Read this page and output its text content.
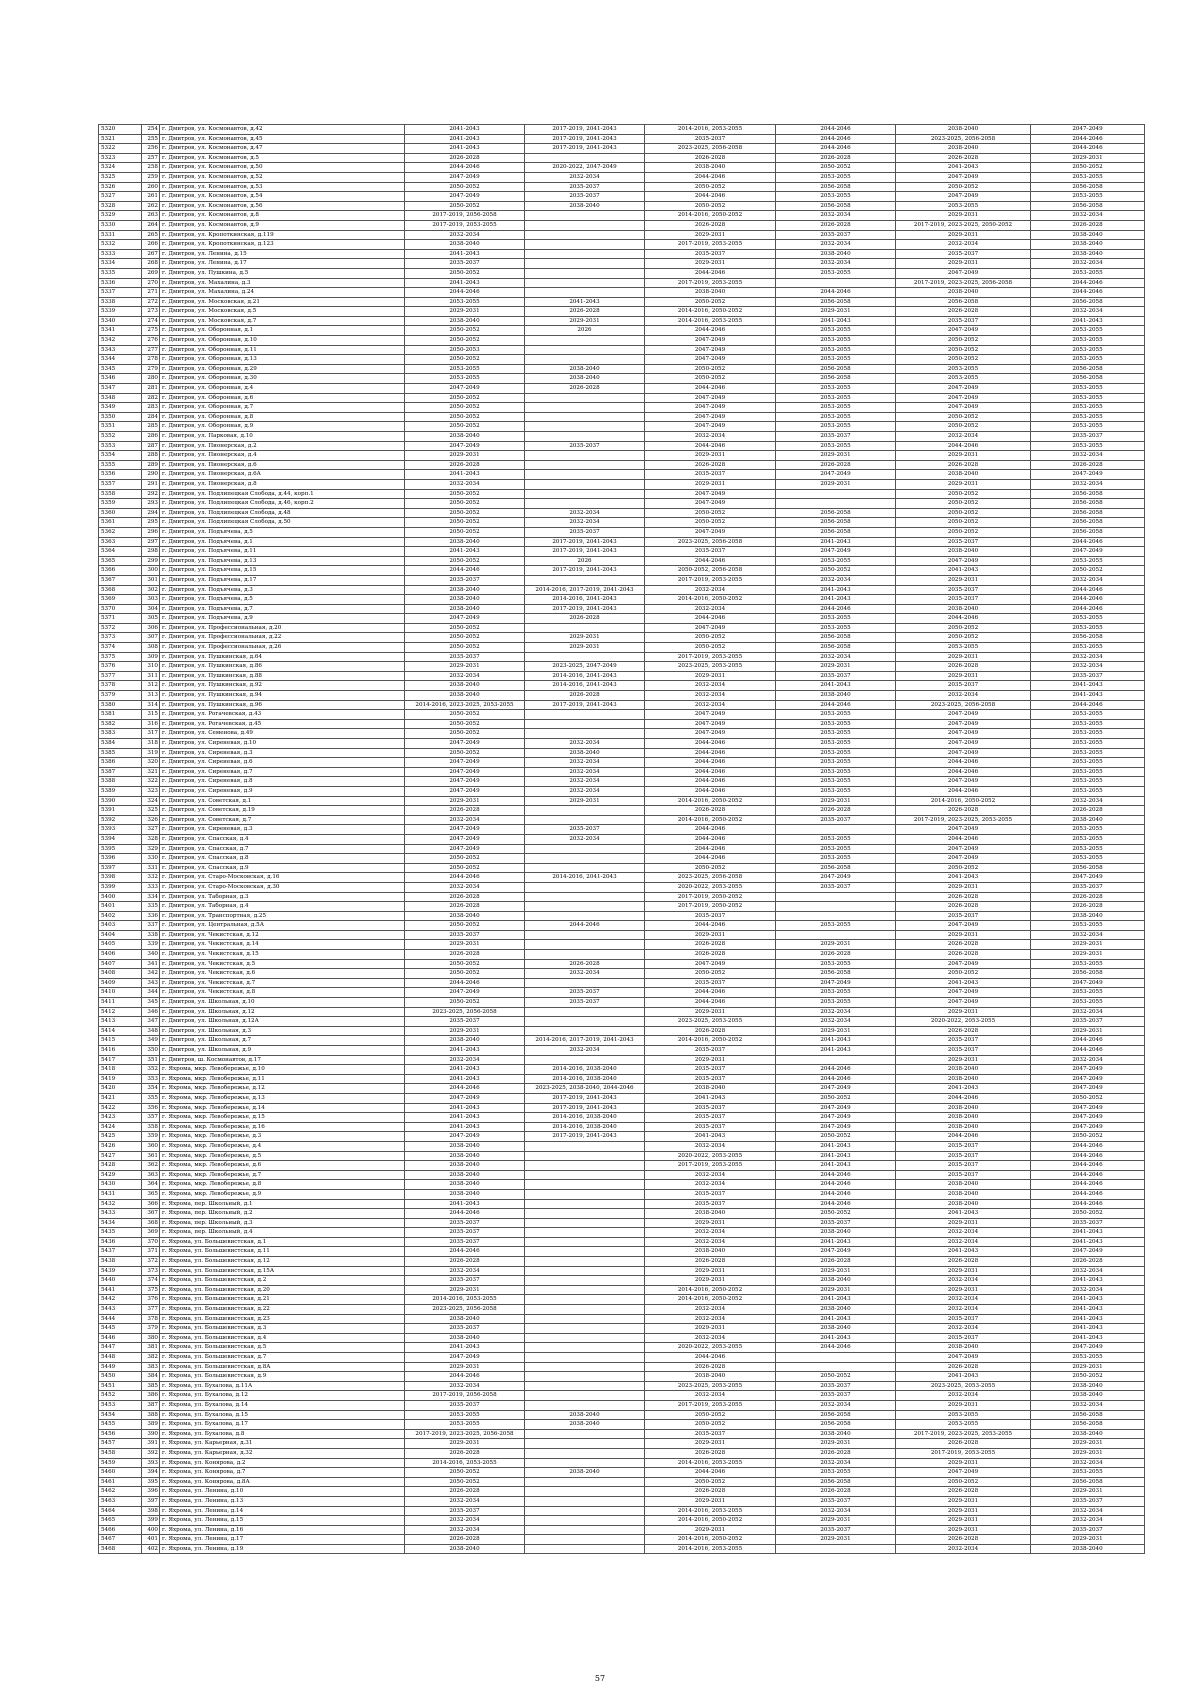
5320	254	г. Дмитров, ул. Космонавтов, д.42	2041-2043	2017-2019, 2041-2043	2014-2016, 2053-2055	2044-2046	2038-2040	2047-2049
5321	255	г. Дмитров, ул. Космонавтов, д.45	2041-2043	2017-2019, 2041-2043	2035-2037	2044-2046	2023-2025, 2056-2058	2044-2046
5322	256	г. Дмитров, ул. Космонавтов, д.47	2041-2043	2017-2019, 2041-2043	2023-2025, 2056-2058	2044-2046	2038-2040	2044-2046
5323	257	г. Дмитров, ул. Космонавтов, д.5	2026-2028		2026-2028	2026-2028	2026-2028	2029-2031
5324	258	г. Дмитров, ул. Космонавтов, д.50	2044-2046	2020-2022, 2047-2049	2038-2040	2050-2052	2041-2043	2050-2052
5325	259	г. Дмитров, ул. Космонавтов, д.52	2047-2049	2032-2034	2044-2046	2053-2055	2047-2049	2053-2055
5326	260	г. Дмитров, ул. Космонавтов, д.53	2050-2052	2035-2037	2050-2052	2056-2058	2050-2052	2056-2058
5327	261	г. Дмитров, ул. Космонавтов, д.54	2047-2049	2035-2037	2044-2046	2053-2055	2047-2049	2053-2055
5328	262	г. Дмитров, ул. Космонавтов, д.56	2050-2052	2038-2040	2050-2052	2056-2058	2053-2055	2056-2058
5329	263	г. Дмитров, ул. Космонавтов, д.8	2017-2019, 2056-2058		2014-2016, 2050-2052	2032-2034	2029-2031	2032-2034
5330	264	г. Дмитров, ул. Космонавтов, д.9	2017-2019, 2053-2055		2026-2028	2026-2028	2017-2019, 2023-2025, 2050-2052	2026-2028
5331	265	г. Дмитров, ул. Кропоткинская, д.119	2032-2034		2029-2031	2035-2037	2029-2031	2038-2040
5332	266	г. Дмитров, ул. Кропоткинская, д.123	2038-2040		2017-2019, 2053-2055	2032-2034	2032-2034	2038-2040
5333	267	г. Дмитров, ул. Ленина, д.15	2041-2043		2035-2037	2038-2040	2035-2037	2038-2040
5334	268	г. Дмитров, ул. Ленина, д.17	2035-2037		2029-2031	2032-2034	2029-2031	2032-2034
5335	269	г. Дмитров, ул. Пушкина, д.5	2050-2052		2044-2046	2053-2055	2047-2049	2053-2055
5336	270	г. Дмитров, ул. Махалина, д.3	2041-2043		2017-2019, 2053-2055		2017-2019, 2023-2025, 2056-2058	2044-2046
5337	271	г. Дмитров, ул. Махалина, д.24	2044-2046		2038-2040	2044-2046	2038-2040	2044-2046
5338	272	г. Дмитров, ул. Московская, д.21	2053-2055	2041-2043	2050-2052	2056-2058	2056-2058	2056-2058
5339	273	г. Дмитров, ул. Московская, д.5	2029-2031	2026-2028	2014-2016, 2050-2052	2029-2031	2026-2028	2032-2034
5340	274	г. Дмитров, ул. Московская, д.7	2038-2040	2029-2031	2014-2016, 2053-2055	2041-2043	2035-2037	2041-2043
5341	275	г. Дмитров, ул. Оборонная, д.1	2050-2052	2026	2044-2046	2053-2055	2047-2049	2053-2055
5342	276	г. Дмитров, ул. Оборонная, д.10	2050-2052		2047-2049	2053-2055	2050-2052	2053-2055
5343	277	г. Дмитров, ул. Оборонная, д.11	2050-2053		2047-2049	2053-2055	2050-2052	2053-2055
5344	278	г. Дмитров, ул. Оборонная, д.13	2050-2052		2047-2049	2053-2055	2050-2052	2053-2055
5345	279	г. Дмитров, ул. Оборонная, д.29	2053-2055	2038-2040	2050-2052	2056-2058	2053-2055	2056-2058
5346	280	г. Дмитров, ул. Оборонная, д.30	2053-2055	2038-2040	2050-2052	2056-2058	2053-2055	2056-2058
5347	281	г. Дмитров, ул. Оборонная, д.4	2047-2049	2026-2028	2044-2046	2053-2055	2047-2049	2053-2055
5348	282	г. Дмитров, ул. Оборонная, д.6	2050-2052		2047-2049	2053-2055	2047-2049	2053-2055
5349	283	г. Дмитров, ул. Оборонная, д.7	2050-2052		2047-2049	2053-2055	2047-2049	2053-2055
5350	284	г. Дмитров, ул. Оборонная, д.8	2050-2052		2047-2049	2053-2055	2050-2052	2053-2055
5351	285	г. Дмитров, ул. Оборонная, д.9	2050-2052		2047-2049	2053-2055	2050-2052	2053-2055
5352	286	г. Дмитров, ул. Парковая, д.10	2038-2040		2032-2034	2035-2037	2032-2034	2035-2037
5353	287	г. Дмитров, ул. Пионерская, д.2	2047-2049	2035-2037	2044-2046	2053-2055	2044-2046	2053-2055
5354	288	г. Дмитров, ул. Пионерская, д.4	2029-2031		2029-2031	2029-2031	2029-2031	2032-2034
5355	289	г. Дмитров, ул. Пионерская, д.6	2026-2028		2026-2028	2026-2028	2026-2028	2026-2028
5356	290	г. Дмитров, ул. Пионерская, д.6А	2041-2043		2035-2037	2047-2049	2038-2040	2047-2049
5357	291	г. Дмитров, ул. Пионерская, д.8	2032-2034		2029-2031	2029-2031	2029-2031	2032-2034
5358	292	г. Дмитров, ул. Подлипецкая Слобода, д.44, корп.1	2050-2052		2047-2049		2050-2052	2056-2058
5359	293	г. Дмитров, ул. Подлипецкая Слобода, д.46, корп.2	2050-2052		2047-2049		2050-2052	2056-2058
5360	294	г. Дмитров, ул. Подлипецкая Слобода, д.48	2050-2052	2032-2034	2050-2052	2056-2058	2050-2052	2056-2058
5361	295	г. Дмитров, ул. Подлипецкая Слобода, д.50	2050-2052	2032-2034	2050-2052	2056-2058	2050-2052	2056-2058
5362	296	г. Дмитров, ул. Подъячева, д.5	2050-2052	2035-2037	2047-2049	2056-2058	2050-2052	2056-2058
5363	297	г. Дмитров, ул. Подъячева, д.1	2038-2040	2017-2019, 2041-2043	2023-2025, 2056-2058	2041-2043	2035-2037	2044-2046
5364	298	г. Дмитров, ул. Подъячева, д.11	2041-2043	2017-2019, 2041-2043	2035-2037	2047-2049	2038-2040	2047-2049
5365	299	г. Дмитров, ул. Подъячева, д.13	2050-2052	2026	2044-2046	2053-2055	2047-2049	2053-2055
5366	300	г. Дмитров, ул. Подъячева, д.15	2044-2046	2017-2019, 2041-2043	2050-2052, 2056-2058	2050-2052	2041-2043	2050-2052
5367	301	г. Дмитров, ул. Подъячева, д.17	2035-2037		2017-2019, 2053-2055	2032-2034	2029-2031	2032-2034
5368	302	г. Дмитров, ул. Подъячева, д.3	2038-2040	2014-2016, 2017-2019, 2041-2043	2032-2034	2041-2043	2035-2037	2044-2046
5369	303	г. Дмитров, ул. Подъячева, д.5	2038-2040	2014-2016, 2041-2043	2014-2016, 2050-2052	2041-2043	2035-2037	2044-2046
5370	304	г. Дмитров, ул. Подъячева, д.7	2038-2040	2017-2019, 2041-2043	2032-2034	2044-2046	2038-2040	2044-2046
5371	305	г. Дмитров, ул. Подъячева, д.9	2047-2049	2026-2028	2044-2046	2053-2055	2044-2046	2053-2055
5372	306	г. Дмитров, ул. Профессиональная, д.20	2050-2052		2047-2049	2053-2055	2050-2052	2053-2055
5373	307	г. Дмитров, ул. Профессиональная, д.22	2050-2052	2029-2031	2050-2052	2056-2058	2050-2052	2056-2058
5374	308	г. Дмитров, ул. Профессиональная, д.26	2050-2052	2029-2031	2050-2052	2056-2058	2053-2055	2053-2055
5375	309	г. Дмитров, ул. Пушкинская, д.64	2035-2037		2017-2019, 2053-2055	2032-2034	2029-2031	2032-2034
5376	310	г. Дмитров, ул. Пушкинская, д.86	2029-2031	2023-2025, 2047-2049	2023-2025, 2053-2055	2029-2031	2026-2028	2032-2034
5377	311	г. Дмитров, ул. Пушкинская, д.88	2032-2034	2014-2016, 2041-2043	2029-2031	2035-2037	2029-2031	2035-2037
5378	312	г. Дмитров, ул. Пушкинская, д.92	2038-2040	2014-2016, 2041-2043	2032-2034	2041-2043	2035-2037	2041-2043
5379	313	г. Дмитров, ул. Пушкинская, д.94	2038-2040	2026-2028	2032-2034	2038-2040	2032-2034	2041-2043
5380	314	г. Дмитров, ул. Пушкинская, д.96	2014-2016, 2023-2025, 2053-2055	2017-2019, 2041-2043	2032-2034	2044-2046	2023-2025, 2056-2058	2044-2046
5381	315	г. Дмитров, ул. Рогачевская, д.43	2050-2052		2047-2049	2053-2055	2047-2049	2053-2055
5382	316	г. Дмитров, ул. Рогачевская, д.45	2050-2052		2047-2049	2053-2055	2047-2049	2053-2055
5383	317	г. Дмитров, ул. Семенова, д.49	2050-2052		2047-2049	2053-2055	2047-2049	2053-2055
5384	318	г. Дмитров, ул. Сиреневая, д.10	2047-2049	2032-2034	2044-2046	2053-2055	2047-2049	2053-2055
5385	319	г. Дмитров, ул. Сиреневая, д.3	2050-2052	2038-2040	2044-2046	2053-2055	2047-2049	2053-2055
5386	320	г. Дмитров, ул. Сиреневая, д.6	2047-2049	2032-2034	2044-2046	2053-2055	2044-2046	2053-2055
5387	321	г. Дмитров, ул. Сиреневая, д.7	2047-2049	2032-2034	2044-2046	2053-2055	2044-2046	2053-2055
5388	322	г. Дмитров, ул. Сиреневая, д.8	2047-2049	2032-2034	2044-2046	2053-2055	2047-2049	2053-2055
5389	323	г. Дмитров, ул. Сиреневая, д.9	2047-2049	2032-2034	2044-2046	2053-2055	2044-2046	2053-2055
5390	324	г. Дмитров, ул. Советская, д.1	2029-2031	2029-2031	2014-2016, 2050-2052	2029-2031	2014-2016, 2050-2052	2032-2034
5391	325	г. Дмитров, ул. Советская, д.19	2026-2028		2026-2028	2026-2028	2026-2028	2026-2028
5392	326	г. Дмитров, ул. Советская, д.7	2032-2034		2014-2016, 2050-2052	2035-2037	2017-2019, 2023-2025, 2053-2055	2038-2040
5393	327	г. Дмитров, ул. Сиреневая, д.3	2047-2049	2035-2037	2044-2046		2047-2049	2053-2055
5394	328	г. Дмитров, ул. Спасская, д.4	2047-2049	2032-2034	2044-2046	2053-2055	2044-2046	2053-2055
5395	329	г. Дмитров, ул. Спасская, д.7	2047-2049		2044-2046	2053-2055	2047-2049	2053-2055
5396	330	г. Дмитров, ул. Спасская, д.8	2050-2052		2044-2046	2053-2055	2047-2049	2053-2055
5397	331	г. Дмитров, ул. Спасская, д.9	2050-2052		2050-2052	2056-2058	2050-2052	2056-2058
5398	332	г. Дмитров, ул. Старо-Московская, д.16	2044-2046	2014-2016, 2041-2043	2023-2025, 2056-2058	2047-2049	2041-2043	2047-2049
5399	333	г. Дмитров, ул. Старо-Московская, д.30	2032-2034		2020-2022, 2053-2055	2035-2037	2029-2031	2035-2037
5400	334	г. Дмитров, ул. Таборная, д.3	2026-2028		2017-2019, 2050-2052		2026-2028	2026-2028
5401	335	г. Дмитров, ул. Таборная, д.4	2026-2028		2017-2019, 2050-2052		2026-2028	2026-2028
5402	336	г. Дмитров, ул. Транспортная, д.25	2038-2040		2035-2037		2035-2037	2038-2040
5403	337	г. Дмитров, ул. Центральная, д.5А	2050-2052	2044-2046	2044-2046	2053-2055	2047-2049	2053-2055
5404	338	г. Дмитров, ул. Чекистская, д.12	2035-2037		2029-2031		2029-2031	2032-2034
5405	339	г. Дмитров, ул. Чекистская, д.14	2029-2031		2026-2028	2029-2031	2026-2028	2029-2031
5406	340	г. Дмитров, ул. Чекистская, д.15	2026-2028		2026-2028	2026-2028	2026-2028	2029-2031
5407	341	г. Дмитров, ул. Чекистская, д.5	2050-2052	2026-2028	2047-2049	2053-2055	2047-2049	2053-2055
5408	342	г. Дмитров, ул. Чекистская, д.6	2050-2052	2032-2034	2050-2052	2056-2058	2050-2052	2056-2058
5409	343	г. Дмитров, ул. Чекистская, д.7	2044-2046		2035-2037	2047-2049	2041-2043	2047-2049
5410	344	г. Дмитров, ул. Чекистская, д.8	2047-2049	2035-2037	2044-2046	2053-2055	2047-2049	2053-2055
5411	345	г. Дмитров, ул. Школьная, д.10	2050-2052	2035-2037	2044-2046	2053-2055	2047-2049	2053-2055
5412	346	г. Дмитров, ул. Школьная, д.12	2023-2025, 2056-2058		2029-2031	2032-2034	2029-2031	2032-2034
5413	347	г. Дмитров, ул. Школьная, д.12А	2035-2037		2023-2025, 2053-2055	2032-2034	2020-2022, 2053-2055	2035-2037
5414	348	г. Дмитров, ул. Школьная, д.3	2029-2031		2026-2028	2029-2031	2026-2028	2029-2031
5415	349	г. Дмитров, ул. Школьная, д.7	2038-2040	2014-2016, 2017-2019, 2041-2043	2014-2016, 2050-2052	2041-2043	2035-2037	2044-2046
5416	350	г. Дмитров, ул. Школьная, д.9	2041-2043	2032-2034	2035-2037	2041-2043	2035-2037	2044-2046
5417	351	г. Дмитров, ш. Космонавтов, д.17	2032-2034		2029-2031		2029-2031	2032-2034
5418	352	г. Яхрома, мкр. Левобережье, д.10	2041-2043	2014-2016, 2038-2040	2035-2037	2044-2046	2038-2040	2047-2049
5419	353	г. Яхрома, мкр. Левобережье, д.11	2041-2043	2014-2016, 2038-2040	2035-2037	2044-2046	2038-2040	2047-2049
5420	354	г. Яхрома, мкр. Левобережье, д.12	2044-2046	2023-2025, 2038-2040, 2044-2046	2038-2040	2047-2049	2041-2043	2047-2049
5421	355	г. Яхрома, мкр. Левобережье, д.13	2047-2049	2017-2019, 2041-2043	2041-2043	2050-2052	2044-2046	2050-2052
5422	356	г. Яхрома, мкр. Левобережье, д.14	2041-2043	2017-2019, 2041-2043	2035-2037	2047-2049	2038-2040	2047-2049
5423	357	г. Яхрома, мкр. Левобережье, д.15	2041-2043	2014-2016, 2038-2040	2035-2037	2047-2049	2038-2040	2047-2049
5424	358	г. Яхрома, мкр. Левобережье, д.16	2041-2043	2014-2016, 2038-2040	2035-2037	2047-2049	2038-2040	2047-2049
5425	359	г. Яхрома, мкр. Левобережье, д.3	2047-2049	2017-2019, 2041-2043	2041-2043	2050-2052	2044-2046	2050-2052
5426	360	г. Яхрома, мкр. Левобережье, д.4	2038-2040		2032-2034	2041-2043	2035-2037	2044-2046
5427	361	г. Яхрома, мкр. Левобережье, д.5	2038-2040		2020-2022, 2053-2055	2041-2043	2035-2037	2044-2046
5428	362	г. Яхрома, мкр. Левобережье, д.6	2038-2040		2017-2019, 2053-2055	2041-2043	2035-2037	2044-2046
5429	363	г. Яхрома, мкр. Левобережье, д.7	2038-2040		2032-2034	2044-2046	2035-2037	2044-2046
5430	364	г. Яхрома, мкр. Левобережье, д.8	2038-2040		2032-2034	2044-2046	2038-2040	2044-2046
5431	365	г. Яхрома, мкр. Левобережье, д.9	2038-2040		2035-2037	2044-2046	2038-2040	2044-2046
5432	366	г. Яхрома, пер. Школьный, д.1	2041-2043		2035-2037	2044-2046	2038-2040	2044-2046
5433	367	г. Яхрома, пер. Школьный, д.2	2044-2046		2038-2040	2050-2052	2041-2043	2050-2052
5434	368	г. Яхрома, пер. Школьный, д.3	2035-2037		2029-2031	2035-2037	2029-2031	2035-2037
5435	369	г. Яхрома, пер. Школьный, д.4	2035-2037		2032-2034	2038-2040	2032-2034	2041-2043
5436	370	г. Яхрома, ул. Большевистская, д.1	2035-2037		2032-2034	2041-2043	2032-2034	2041-2043
5437	371	г. Яхрома, ул. Большевистская, д.11	2044-2046		2038-2040	2047-2049	2041-2043	2047-2049
5438	372	г. Яхрома, ул. Большевистская, д.12	2026-2028		2026-2028	2026-2028	2026-2028	2026-2028
5439	373	г. Яхрома, ул. Большевистская, д.15А	2032-2034		2029-2031	2029-2031	2029-2031	2032-2034
5440	374	г. Яхрома, ул. Большевистская, д.2	2035-2037		2029-2031	2038-2040	2032-2034	2041-2043
5441	375	г. Яхрома, ул. Большевистская, д.20	2029-2031		2014-2016, 2050-2052	2029-2031	2029-2031	2032-2034
5442	376	г. Яхрома, ул. Большевистская, д.21	2014-2016, 2053-2055		2014-2016, 2050-2052	2041-2043	2032-2034	2041-2043
5443	377	г. Яхрома, ул. Большевистская, д.22	2023-2025, 2056-2058		2032-2034	2038-2040	2032-2034	2041-2043
5444	378	г. Яхрома, ул. Большевистская, д.23	2038-2040		2032-2034	2041-2043	2035-2037	2041-2043
5445	379	г. Яхрома, ул. Большевистская, д.3	2035-2037		2029-2031	2038-2040	2032-2034	2041-2043
5446	380	г. Яхрома, ул. Большевистская, д.4	2038-2040		2032-2034	2041-2043	2035-2037	2041-2043
5447	381	г. Яхрома, ул. Большевистская, д.5	2041-2043		2020-2022, 2053-2055	2044-2046	2038-2040	2047-2049
5448	382	г. Яхрома, ул. Большевистская, д.7	2047-2049		2044-2046		2047-2049	2053-2055
5449	383	г. Яхрома, ул. Большевистская, д.8А	2029-2031		2026-2028		2026-2028	2029-2031
5450	384	г. Яхрома, ул. Большевистская, д.9	2044-2046		2038-2040	2050-2052	2041-2043	2050-2052
5451	385	г. Яхрома, ул. Бухалова, д.11А	2032-2034		2023-2025, 2053-2055	2035-2037	2023-2025, 2053-2055	2038-2040
5452	386	г. Яхрома, ул. Бухалова, д.12	2017-2019, 2056-2058		2032-2034	2035-2037	2032-2034	2038-2040
5453	387	г. Яхрома, ул. Бухалова, д.14	2035-2037		2017-2019, 2053-2055	2032-2034	2029-2031	2032-2034
5454	388	г. Яхрома, ул. Бухалова, д.15	2053-2055	2038-2040	2050-2052	2056-2058	2053-2055	2056-2058
5455	389	г. Яхрома, ул. Бухалова, д.17	2053-2055	2038-2040	2050-2052	2056-2058	2053-2055	2056-2058
5456	390	г. Яхрома, ул. Бухалова, д.8	2017-2019, 2023-2025, 2056-2058		2035-2037	2038-2040	2017-2019, 2023-2025, 2053-2055	2038-2040
5457	391	г. Яхрома, ул. Карьерная, д.31	2029-2031		2029-2031	2029-2031	2026-2028	2029-2031
5458	392	г. Яхрома, ул. Карьерная, д.32	2026-2028		2026-2028	2026-2028	2017-2019, 2053-2055	2029-2031
5459	393	г. Яхрома, ул. Конярова, д.2	2014-2016, 2053-2055		2014-2016, 2053-2055	2032-2034	2029-2031	2032-2034
5460	394	г. Яхрома, ул. Конярова, д.7	2050-2052	2038-2040	2044-2046	2053-2055	2047-2049	2053-2055
5461	395	г. Яхрома, ул. Конярова, д.8А	2050-2052		2050-2052	2056-2058	2050-2052	2056-2058
5462	396	г. Яхрома, ул. Ленина, д.10	2026-2028		2026-2028	2026-2028	2026-2028	2029-2031
5463	397	г. Яхрома, ул. Ленина, д.13	2032-2034		2029-2031	2035-2037	2029-2031	2035-2037
5464	398	г. Яхрома, ул. Ленина, д.14	2035-2037		2014-2016, 2053-2055	2032-2034	2029-2031	2032-2034
5465	399	г. Яхрома, ул. Ленина, д.15	2032-2034		2014-2016, 2050-2052	2029-2031	2029-2031	2032-2034
5466	400	г. Яхрома, ул. Ленина, д.16	2032-2034		2029-2031	2035-2037	2029-2031	2035-2037
5467	401	г. Яхрома, ул. Ленина, д.17	2026-2028		2014-2016, 2050-2052	2029-2031	2026-2028	2029-2031
5468	402	г. Яхрома, ул. Ленина, д.19	2038-2040		2014-2016, 2053-2055		2032-2034	2038-2040
57
